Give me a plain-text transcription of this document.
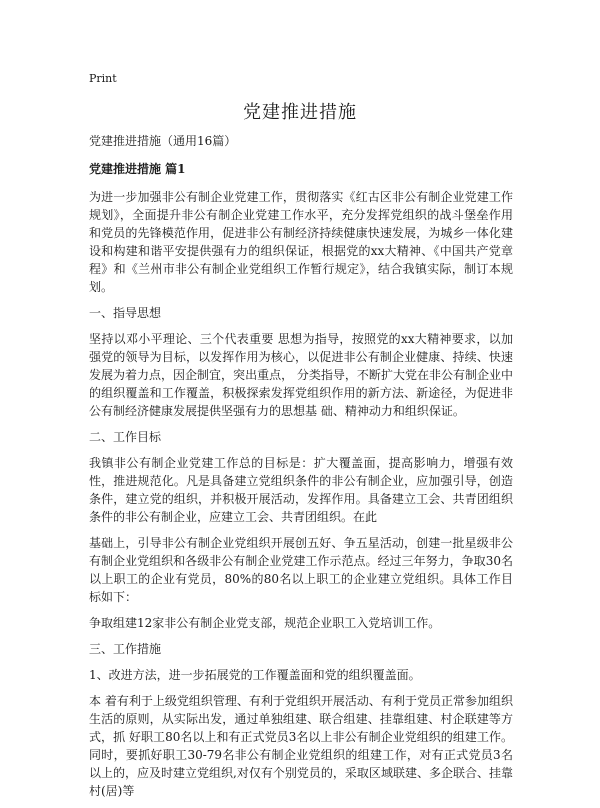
Print
党建推进措施

党建推进措施（通用16篇）

党建推进措施 篇1

为进一步加强非公有制企业党建工作，贯彻落实《红古区非公有制企业党建工作规划》，全面提升非公有制企业党建工作水平，充分发挥党组织的战斗堡垒作用和党员的先锋模范作用，促进非公有制经济持续健康快速发展，为城乡一体化建设和构建和谐平安提供强有力的组织保证，根据党的xx大精神、《中国共产党章 程》和《兰州市非公有制企业党组织工作暂行规定》，结合我镇实际，制订本规划。

一、指导思想

坚持以邓小平理论、三个代表重要 思想为指导，按照党的xx大精神要求，以加强党的领导为目标，以发挥作用为核心，以促进非公有制企业健康、持续、快速发展为着力点，因企制宜，突出重点， 分类指导，不断扩大党在非公有制企业中的组织覆盖和工作覆盖，积极探索发挥党组织作用的新方法、新途径，为促进非公有制经济健康发展提供坚强有力的思想基 础、精神动力和组织保证。

二、工作目标

我镇非公有制企业党建工作总的目标是：扩大覆盖面，提高影响力，增强有效性，推进规范化。凡是具备建立党组织条件的非公有制企业，应加强引导，创造条件，建立党的组织，并积极开展活动，发挥作用。具备建立工会、共青团组织条件的非公有制企业，应建立工会、共青团组织。在此

基础上，引导非公有制企业党组织开展创五好、争五星活动，创建一批星级非公有制企业党组织和各级非公有制企业党建工作示范点。经过三年努力，争取30名以上职工的企业有党员，80%的80名以上职工的企业建立党组织。具体工作目标如下：

争取组建12家非公有制企业党支部，规范企业职工入党培训工作。

三、工作措施

1、改进方法，进一步拓展党的工作覆盖面和党的组织覆盖面。

本 着有利于上级党组织管理、有利于党组织开展活动、有利于党员正常参加组织生活的原则，从实际出发，通过单独组建、联合组建、挂靠组建、村企联建等方式，抓 好职工80名以上和有正式党员3名以上非公有制企业党组织的组建工作。同时，要抓好职工30-79名非公有制企业党组织的组建工作，对有正式党员3名以上的，应及时建立党组织,对仅有个别党员的，采取区域联建、多企联合、挂靠村(居)等
